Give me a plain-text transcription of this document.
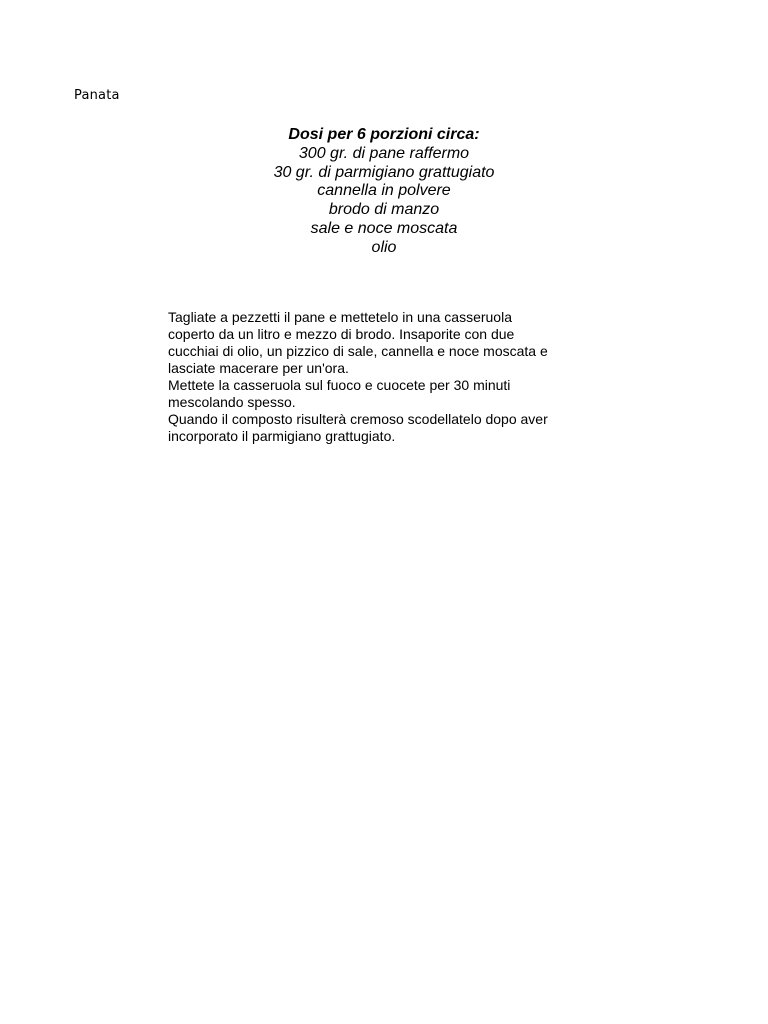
Panata
Dosi per 6 porzioni circa:
300 gr. di pane raffermo
30 gr. di parmigiano grattugiato
cannella in polvere
brodo di manzo
sale e noce moscata
olio
Tagliate a pezzetti il pane e mettetelo in una casseruola
coperto da un litro e mezzo di brodo. Insaporite con due
cucchiai di olio, un pizzico di sale, cannella e noce moscata e
lasciate macerare per un'ora.
Mettete la casseruola sul fuoco e cuocete per 30 minuti
mescolando spesso.
Quando il composto risulterà cremoso scodellatelo dopo aver
incorporato il parmigiano grattugiato.
